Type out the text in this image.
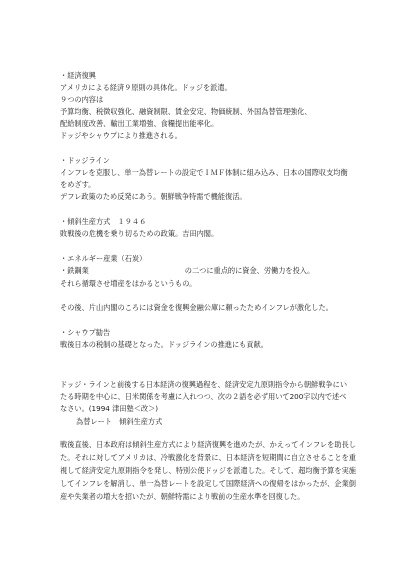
・経済復興

アメリカによる経済９原則の具体化。ドッジを派遣。

９つの内容は

予算均衡、税徴収強化、融資制限、賃金安定、物価統制、外国為替管理強化、

配給制度改善、輸出工業増強、食糧提出能率化。

ドッジやシャウプにより推進される。

・ドッジライン

インフレを克服し、単一為替レートの設定でＩＭＦ体制に組み込み、日本の国際収支均衡

をめざす。

デフレ政策のため反発にあう。朝鮮戦争特需で機能復活。

・傾斜生産方式　１９４６

敗戦後の危機を乗り切るための政策。吉田内閣。

・エネルギー産業（石炭）

・鉄鋼業	の二つに重点的に資金、労働力を投入。

それら循環させ増産をはかるというもの。

その後、片山内閣のころには資金を復興金融公庫に頼ったためインフレが激化した。

・シャウプ勧告

戦後日本の税制の基礎となった。ドッジラインの推進にも貢献。

ドッジ・ラインと前後する日本経済の復興過程を、経済安定九原則指令から朝鮮戦争にい

たる時期を中心に、日米関係を考慮に入れつつ、次の２語を必ず用いて200字以内で述べ

なさい。(1994 津田塾＜改＞)

為替レート　傾斜生産方式

戦後直後、日本政府は傾斜生産方式により経済復興を進めたが、かえってインフレを助長した。それに対してアメリカは、冷戦激化を背景に、日本経済を短期間に自立させることを重視して経済安定九原則指令を発し、特別公使ドッジを派遣した。そして、超均衡予算を実施してインフレを解消し、単一為替レートを設定して国際経済への復帰をはかったが、企業倒産や失業者の増大を招いたが、朝鮮特需により戦前の生産水準を回復した。
